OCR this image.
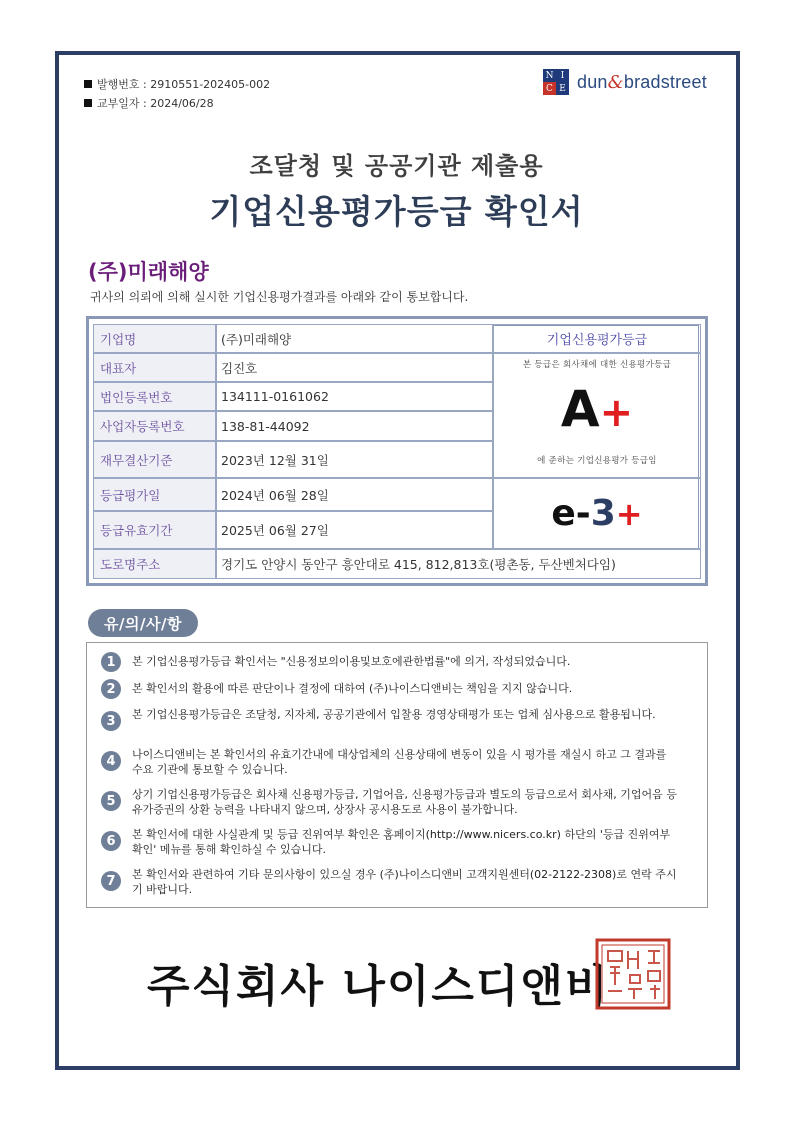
발행번호 : 2910551-202405-002
교부일자 : 2024/06/28
N I
C E dun&bradstreet
조달청 및 공공기관 제출용
기업신용평가등급 확인서
(주)미래해양
귀사의 의뢰에 의해 실시한 기업신용평가결과를 아래와 같이 통보합니다.
기업명	(주)미래해양
대표자	김진호
법인등록번호	134111-0161062
사업자등록번호	138-81-44092
재무결산기준	2023년 12월 31일
등급평가일	2024년 06월 28일
등급유효기간	2025년 06월 27일
도로명주소	경기도 안양시 동안구 흥안대로 415, 812,813호(평촌동, 두산벤처다임)
기업신용평가등급
본 등급은 회사채에 대한 신용평가등급
A+
에 준하는 기업신용평가 등급임
e-3+
유/의/사/항
1	본 기업신용평가등급 확인서는 "신용정보의이용및보호에관한법률"에 의거, 작성되었습니다.
2	본 확인서의 활용에 따른 판단이나 결정에 대하여 (주)나이스디앤비는 책임을 지지 않습니다.
3	본 기업신용평가등급은 조달청, 지자체, 공공기관에서 입찰용 경영상태평가 또는 업체 심사용으로 활용됩니다.
4	나이스디앤비는 본 확인서의 유효기간내에 대상업체의 신용상태에 변동이 있을 시 평가를 재실시 하고 그 결과를 수요 기관에 통보할 수 있습니다.
5	상기 기업신용평가등급은 회사채 신용평가등급, 기업어음, 신용평가등급과 별도의 등급으로서 회사채, 기업어음 등 유가증권의 상환 능력을 나타내지 않으며, 상장사 공시용도로 사용이 불가합니다.
6	본 확인서에 대한 사실관계 및 등급 진위여부 확인은 홈페이지(http://www.nicers.co.kr) 하단의 '등급 진위여부 확인' 메뉴를 통해 확인하실 수 있습니다.
7	본 확인서와 관련하여 기타 문의사항이 있으실 경우 (주)나이스디앤비 고객지원센터(02-2122-2308)로 연락 주시기 바랍니다.
주식회사 나이스디앤비
